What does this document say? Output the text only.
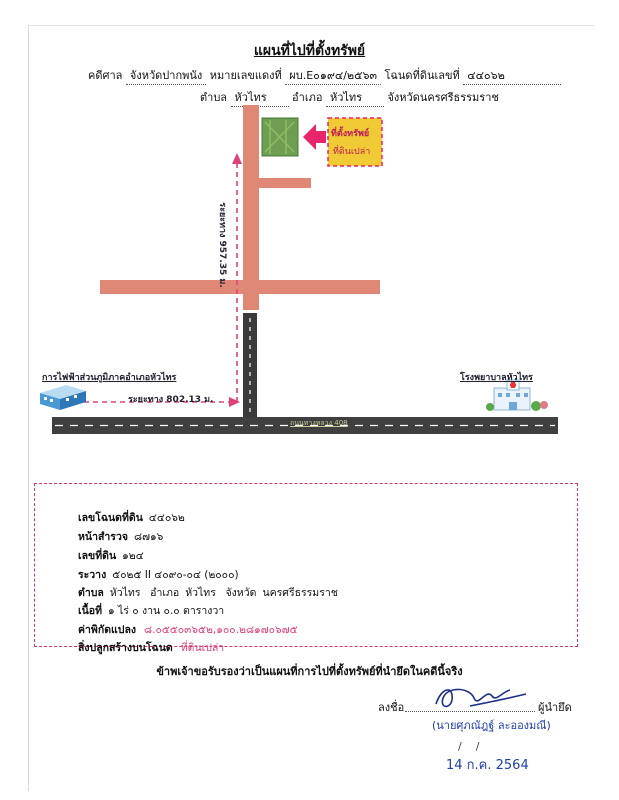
แผนที่ไปที่ตั้งทรัพย์
คดีศาล จังหวัดปากพนัง หมายเลขแดงที่ ผบ.E๐๑๙๔/๒๕๖๓ โฉนดที่ดินเลขที่ ๔๔๐๖๒
ตำบล หัวไทร อำเภอ หัวไทร จังหวัดนครศรีธรรมราช
ที่ตั้งทรัพย์
ที่ดินเปล่า
ระยะทาง 957.35 ม.
ระยะทาง 802.13 ม.
การไฟฟ้าส่วนภูมิภาคอำเภอหัวไทร	โรงพยาบาลหัวไทร
ถนนทางหลวง 408
เลขโฉนดที่ดิน ๔๔๐๖๒
หน้าสำรวจ ๘๗๑๖
เลขที่ดิน ๑๒๔
ระวาง ๕๐๒๕ II ๔๐๙๐-๐๔ (๒๐๐๐)
ตำบล หัวไทร อำเภอ หัวไทร จังหวัด นครศรีธรรมราช
เนื้อที่ ๑ ไร่ ๐ งาน ๐.๐ ตารางวา
ค่าพิกัดแปลง ๘.๐๕๕๐๓๖๕๒,๑๐๐.๒๘๑๗๐๖๗๕
สิ่งปลูกสร้างบนโฉนด ที่ดินเปล่า
ข้าพเจ้าขอรับรองว่าเป็นแผนที่การไปที่ตั้งทรัพย์ที่นำยึดในคดีนี้จริง
ลงชื่อ	ผู้นำยึด
(นายศุภณัฎฐ์ ละอองมณี)
/    /
14 ก.ค. 2564
